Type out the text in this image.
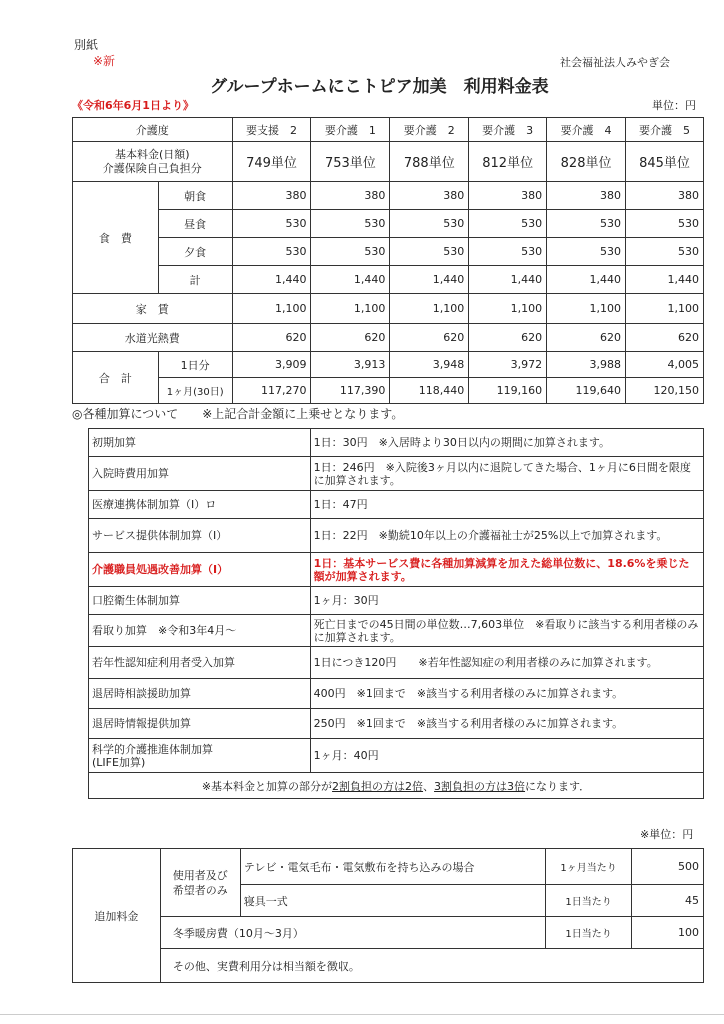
別紙
※新	社会福祉法人みやぎ会
グループホームにこトピア加美　利用料金表
《令和6年6月1日より》	単位：円
介護度		要支援　2	要介護　1	要介護　2	要介護　3	要介護　4	要介護　5
基本料金(日額)
介護保険自己負担分		749単位	753単位	788単位	812単位	828単位	845単位
食　費	朝食	380	380	380	380	380	380
	昼食	530	530	530	530	530	530
	夕食	530	530	530	530	530	530
	計	1,440	1,440	1,440	1,440	1,440	1,440
家　賃		1,100	1,100	1,100	1,100	1,100	1,100
水道光熱費		620	620	620	620	620	620
合　計	1日分	3,909	3,913	3,948	3,972	3,988	4,005
	1ヶ月(30日)	117,270	117,390	118,440	119,160	119,640	120,150
◎各種加算について　　※上記合計金額に上乗せとなります。
初期加算	1日：30円　※入居時より30日以内の期間に加算されます。
入院時費用加算	1日：246円　※入院後3ヶ月以内に退院してきた場合、1ヶ月に6日間を限度に加算されます。
医療連携体制加算（Ⅰ）ロ	1日：47円
サービス提供体制加算（Ⅰ）	1日：22円　※勤続10年以上の介護福祉士が25%以上で加算されます。
介護職員処遇改善加算（Ⅰ）	1日：基本サービス費に各種加算減算を加えた総単位数に、18.6%を乗じた額が加算されます。
口腔衛生体制加算	1ヶ月：30円
看取り加算　※令和3年4月～	死亡日までの45日間の単位数…7,603単位　※看取りに該当する利用者様のみに加算されます。
若年性認知症利用者受入加算	1日につき120円　　※若年性認知症の利用者様のみに加算されます。
退居時相談援助加算	400円　※1回まで　※該当する利用者様のみに加算されます。
退居時情報提供加算	250円　※1回まで　※該当する利用者様のみに加算されます。
科学的介護推進体制加算
(LIFE加算)	1ヶ月：40円
※基本料金と加算の部分が2割負担の方は2倍、3割負担の方は3倍になります．	
※単位：円
追加料金	使用者及び
希望者のみ	テレビ・電気毛布・電気敷布を持ち込みの場合	1ヶ月当たり	500
		寝具一式	1日当たり	45
	冬季暖房費（10月～3月）		1日当たり	100
	その他、実費利用分は相当額を徴収。			
